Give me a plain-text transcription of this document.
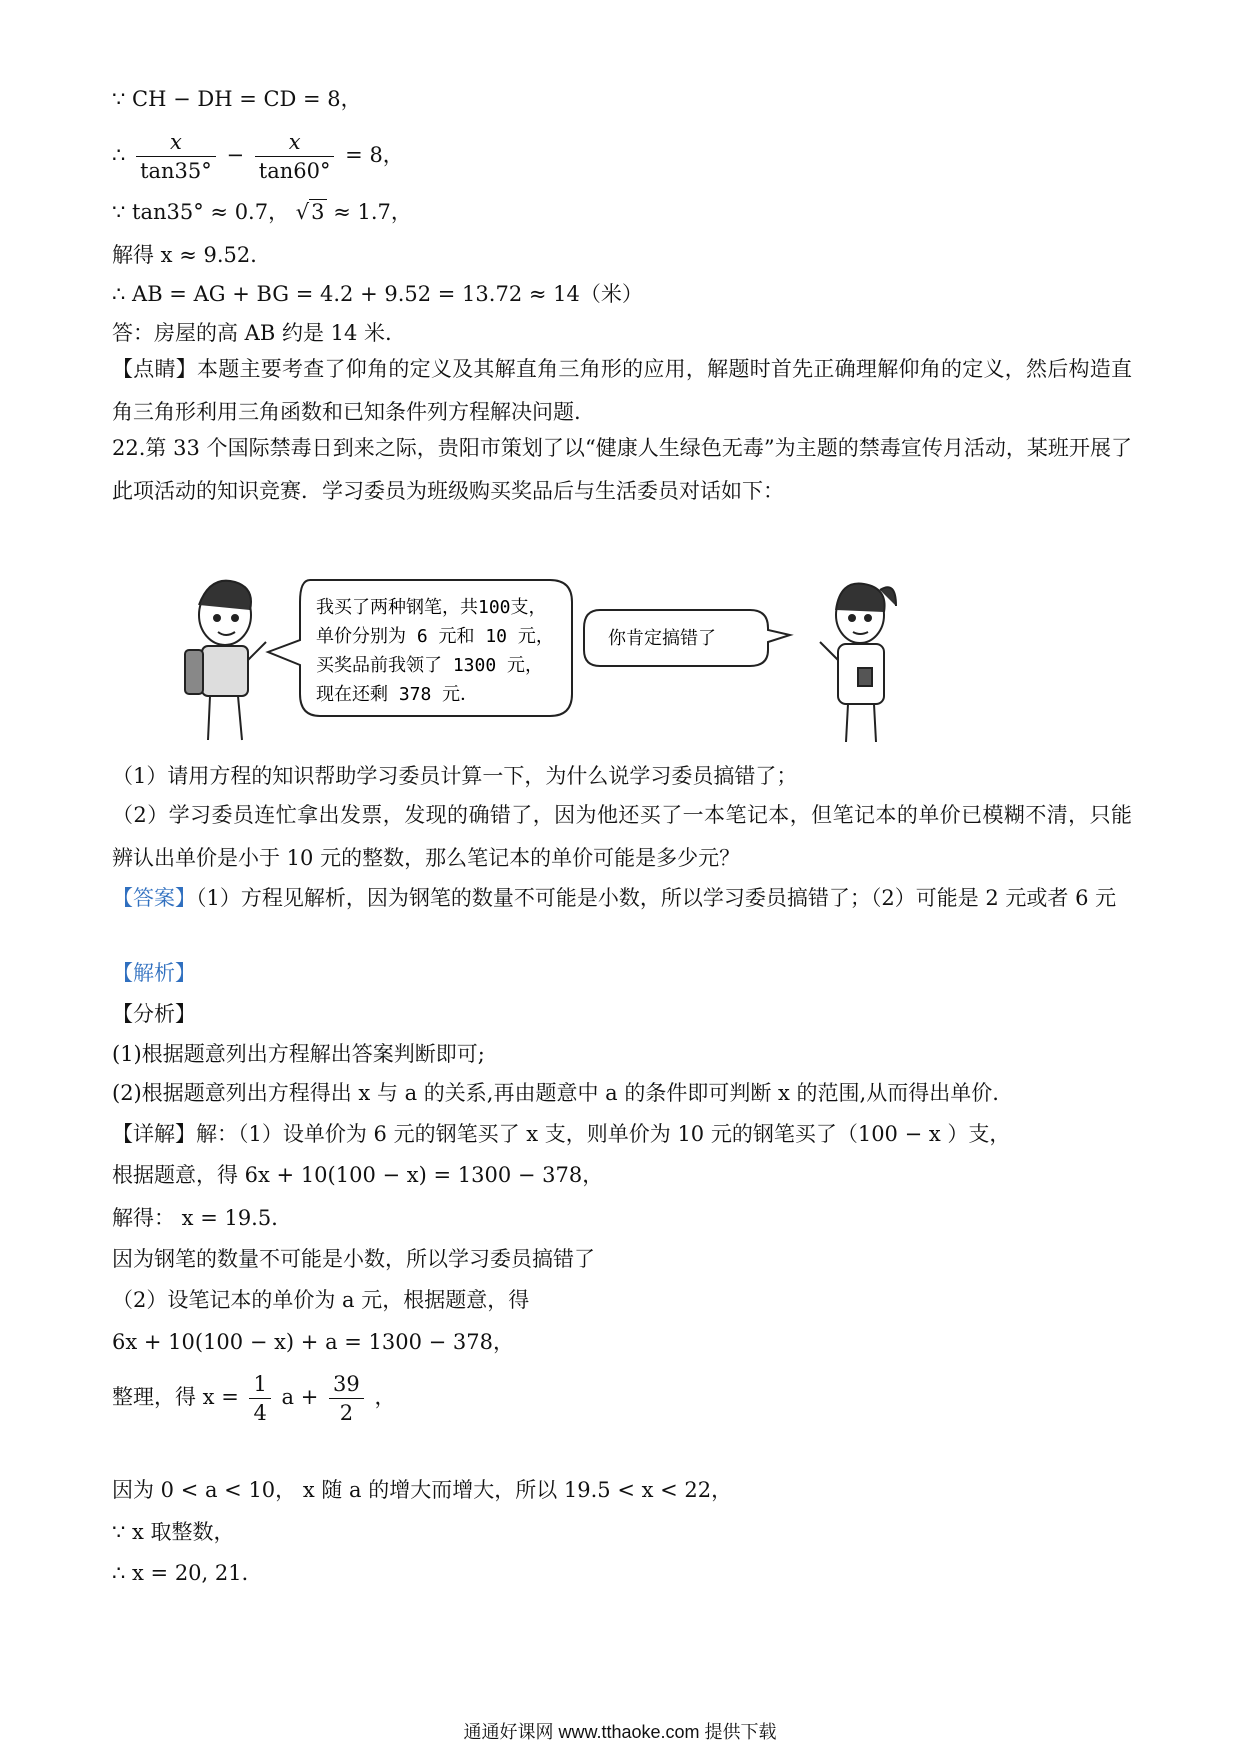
∵ CH − DH = CD = 8，
∴ $\frac{x}{\tan 35^\circ} - \frac{x}{\tan 60^\circ} = 8$，
∵ tan35° ≈ 0.7， √3 ≈ 1.7，
解得 x ≈ 9.52．
∴ AB = AG + BG = 4.2 + 9.52 = 13.72 ≈ 14（米）
答：房屋的高 AB 约是 14 米.
【点睛】本题主要考查了仰角的定义及其解直角三角形的应用，解题时首先正确理解仰角的定义，然后构造直角三角形利用三角函数和已知条件列方程解决问题.
22.第 33 个国际禁毒日到来之际，贵阳市策划了以“健康人生绿色无毒”为主题的禁毒宣传月活动，某班开展了此项活动的知识竞赛．学习委员为班级购买奖品后与生活委员对话如下：
我买了两种钢笔，共100支，
单价分别为 6 元和 10 元，
买奖品前我领了 1300 元，
现在还剩 378 元．
你肯定搞错了
（1）请用方程的知识帮助学习委员计算一下，为什么说学习委员搞错了；
（2）学习委员连忙拿出发票，发现的确错了，因为他还买了一本笔记本，但笔记本的单价已模糊不清，只能辨认出单价是小于 10 元的整数，那么笔记本的单价可能是多少元？
【答案】（1）方程见解析，因为钢笔的数量不可能是小数，所以学习委员搞错了；（2）可能是 2 元或者 6 元
【解析】
【分析】
(1)根据题意列出方程解出答案判断即可;
(2)根据题意列出方程得出 x 与 a 的关系,再由题意中 a 的条件即可判断 x 的范围,从而得出单价.
【详解】解：（1）设单价为 6 元的钢笔买了 x 支，则单价为 10 元的钢笔买了（100 − x ）支，
根据题意，得 6x + 10(100 − x) = 1300 − 378，
解得： x = 19.5．
因为钢笔的数量不可能是小数，所以学习委员搞错了
（2）设笔记本的单价为 a 元，根据题意，得
6x + 10(100 − x) + a = 1300 − 378，
整理，得 $x = \frac{1}{4}$ $a + \frac{39}{2}$ ，
因为 0 < a < 10， x 随 a 的增大而增大，所以 19.5 < x < 22，
∵ x 取整数，
∴ x = 20, 21．
通通好课网 www.tthaoke.com 提供下载
